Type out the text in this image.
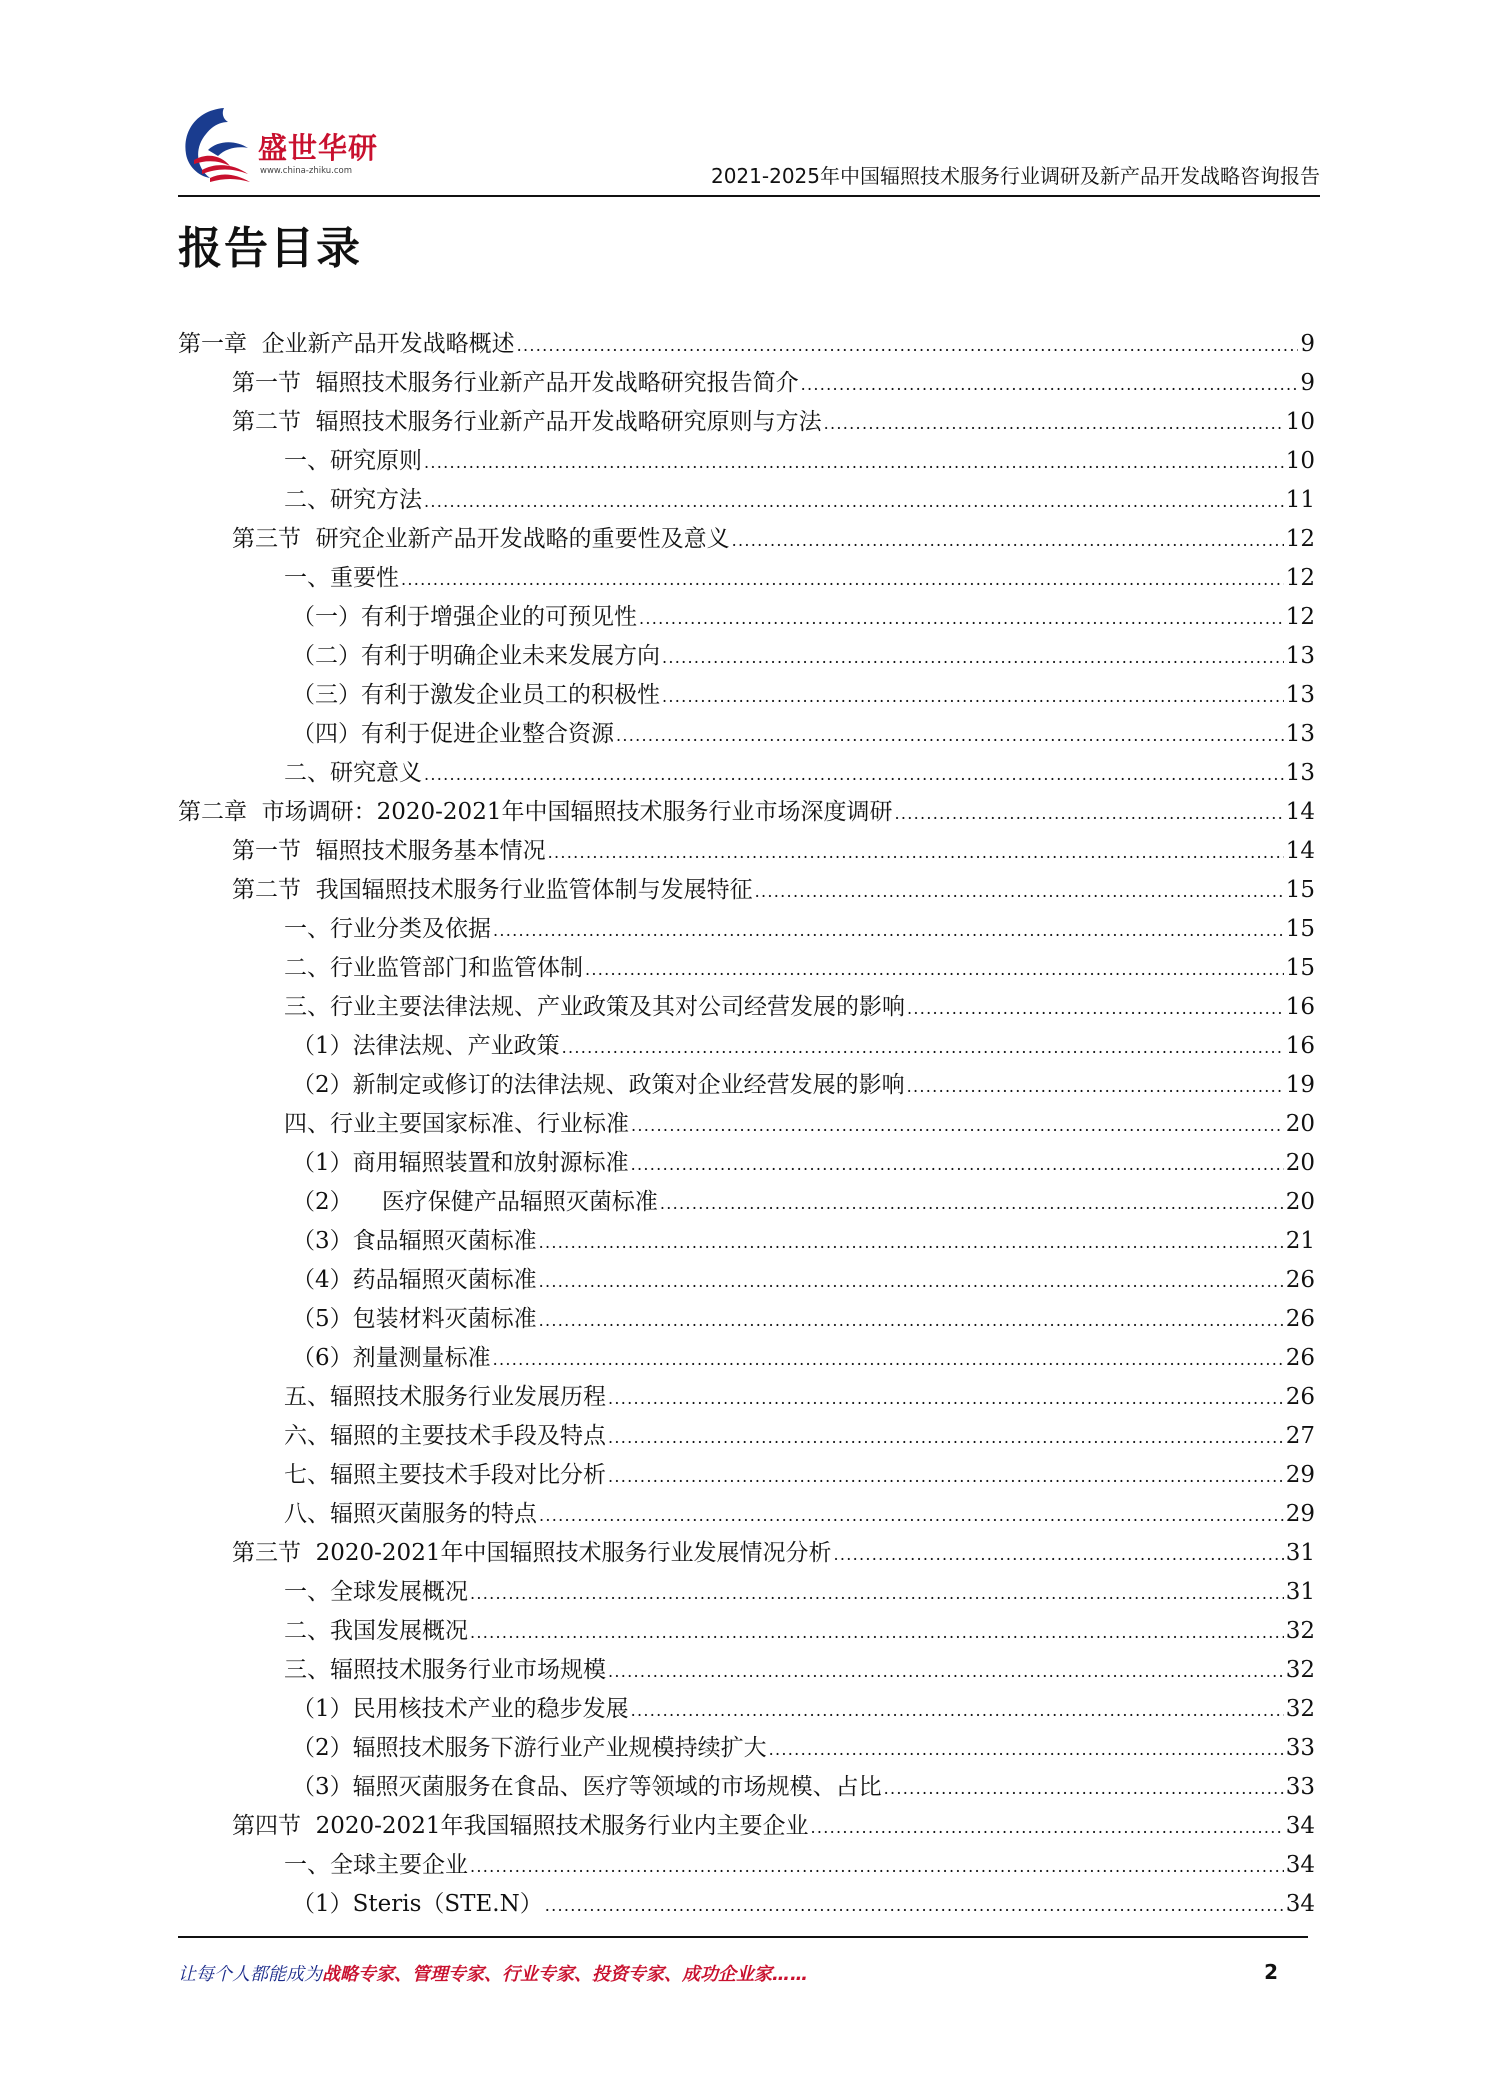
盛世华研
www.china-zhiku.com	2021-2025年中国辐照技术服务行业调研及新产品开发战略咨询报告
报告目录
第一章  企业新产品开发战略概述 .....	9
第一节  辐照技术服务行业新产品开发战略研究报告简介 .....	9
第二节  辐照技术服务行业新产品开发战略研究原则与方法 .....	10
一、研究原则 .....	10
二、研究方法 .....	11
第三节  研究企业新产品开发战略的重要性及意义 .....	12
一、重要性 .....	12
（一）有利于增强企业的可预见性 .....	12
（二）有利于明确企业未来发展方向 .....	13
（三）有利于激发企业员工的积极性 .....	13
（四）有利于促进企业整合资源 .....	13
二、研究意义 .....	13
第二章  市场调研：2020-2021年中国辐照技术服务行业市场深度调研 .....	14
第一节  辐照技术服务基本情况 .....	14
第二节  我国辐照技术服务行业监管体制与发展特征 .....	15
一、行业分类及依据 .....	15
二、行业监管部门和监管体制 .....	15
三、行业主要法律法规、产业政策及其对公司经营发展的影响 .....	16
（1）法律法规、产业政策 .....	16
（2）新制定或修订的法律法规、政策对企业经营发展的影响 .....	19
四、行业主要国家标准、行业标准 .....	20
（1）商用辐照装置和放射源标准 .....	20
（2）    医疗保健产品辐照灭菌标准 .....	20
（3）食品辐照灭菌标准 .....	21
（4）药品辐照灭菌标准 .....	26
（5）包装材料灭菌标准 .....	26
（6）剂量测量标准 .....	26
五、辐照技术服务行业发展历程 .....	26
六、辐照的主要技术手段及特点 .....	27
七、辐照主要技术手段对比分析 .....	29
八、辐照灭菌服务的特点 .....	29
第三节  2020-2021年中国辐照技术服务行业发展情况分析 .....	31
一、全球发展概况 .....	31
二、我国发展概况 .....	32
三、辐照技术服务行业市场规模 .....	32
（1）民用核技术产业的稳步发展 .....	32
（2）辐照技术服务下游行业产业规模持续扩大 .....	33
（3）辐照灭菌服务在食品、医疗等领域的市场规模、占比 .....	33
第四节  2020-2021年我国辐照技术服务行业内主要企业 .....	34
一、全球主要企业 .....	34
（1）Steris（STE.N） .....	34
让每个人都能成为战略专家、管理专家、行业专家、投资专家、成功企业家……	2
